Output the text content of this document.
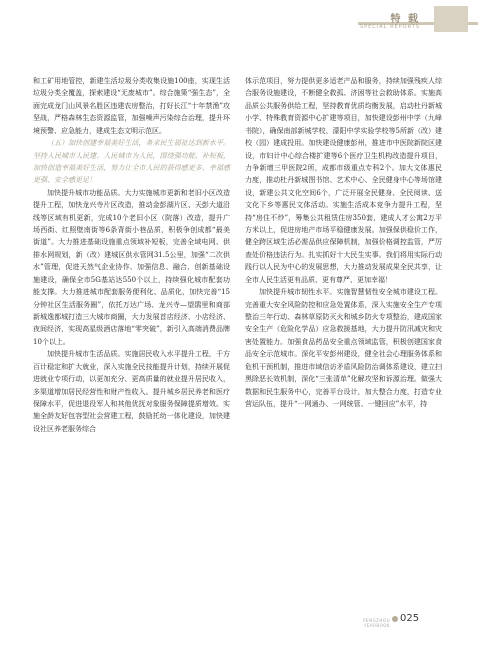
特 载
SPECIAL REPORTS

和工矿用地管控，新建生活垃圾分类收集设施100座，实现生活垃圾分类全覆盖，探索建设“无废城市”。综合施策“强生态”，全面完成龙门山风景名胜区违建农房整治，打好长江“十年禁渔”攻坚战，严格森林生态资源监管，加强噪声污染综合治理，提升环境预警、应急能力，建成生态文明示范区。

（五）加快创建幸福美好生活，务求民生福祉达到新水平。坚持人民城市人民建、人民城市为人民，围绕强功能、补短板，加快创造幸福美好生活，努力让全市人民的获得感更多、幸福感更强、安全感更足！

加快提升城市功能品质。大力实施城市更新和老旧小区改造提升工程，加快龙兴寺片区改造，推动金彭湖片区、天彭大道沿线等区域有机更新，完成10个老旧小区（院落）改造，提升广场西街、红照壁南街等6条背街小巷品质，积极争创成都“最美街道”。大力推进基础设施重点领域补短板，完善全域电网、供排水网规划，新（改）建城区供水管网31.5公里，加强“二次供水”管理，促进天然气企业协作、加强信息、融合、创新基础设施建设，确保全市5G基站达550个以上，持续强化城市配套功能支撑。大力推进城市配套服务便利化、品质化，加快完善“15分钟社区生活服务圈”，依托万达广场、龙兴寺—望鹃里和商部新城逸都城打造三大城市商圈，大力发展首店经济、小店经济、夜间经济，实现高星级酒店落地“零突破”，新引入高端消费品牌10个以上。

加快提升城市生活品质。实施居民收入水平提升工程，千方百计稳定和扩大就业，深入实施全民技能提升计划，持续开展促进就业专项行动，以更加充分、更高质量的就业提升居民收入，多渠道增加居民经营性和财产性收入。提升城乡居民养老和医疗保障水平，促进退役军人和其他优抚对象服务保障提质增效。实施全龄友好包容型社会营建工程，鼓励托幼一体化建设，加快建设社区养老服务综合

体示范项目，努力提供更多适老产品和服务，持续加强残疾人综合服务设施建设，不断健全救孤、济困等社会救助体系。实施高品质公共服务供给工程，坚持教育优质均衡发展，启动杜丹新城小学、特殊教育资源中心扩建等项目，加快建设彭州中学（九峰书院），确保南部新城学校、濛阳中学实验学校等5所新（改）建校（园）建成投用。加快建设健康彭州，推进市中医院新院区建设，市妇计中心综合楼扩建等6个医疗卫生机构改造提升项目，力争新增三甲医院2所，成都市级重点专科2个。加大文体惠民力度，推动杜丹新城图书馆、艺术中心、全民健身中心等场馆建设，新建公共文化空间6个，广泛开展全民健身、全民阅读、送文化下乡等惠民文体活动。实施生活成本竞争力提升工程，坚持“房住不炒”，筹集公共租赁住房350套，建成人才公寓2万平方米以上，促进房地产市场平稳健康发展。加强保供稳价工作，健全跨区域生活必需品供应保障机制，加强价格调控监管，严厉查处价格违法行为。扎实抓好十大民生实事。我们将用实际行动践行以人民为中心的发展思想，大力推动发展成果全民共享，让全市人民生活更有品质、更有尊严、更加幸福！

加快提升城市韧性水平。实施智慧韧性安全城市建设工程。完善重大安全风险防控和应急处置体系，深入实施安全生产专项整治三年行动、森林草原防灭火和城乡防火专项整治，建成国家安全生产（危险化学品）应急救援基地，大力提升防汛减灾和灾害处置能力。加强食品药品安全重点领域监管，积极创建国家食品安全示范城市。深化平安彭州建设，健全社会心理服务体系和危机干预机制，推进市域信访矛盾风险防治调体系建设，建立扫黑除恶长效机制，深化“三张清单”化解攻坚和诉源治理。做强大数据和民生服务中心，完善平台设计，加大整合力度，打造专业营运队伍，提升“一网通办、一网统管、一键回应”水平，持

PENGZHOU
YEARBOOK
025
